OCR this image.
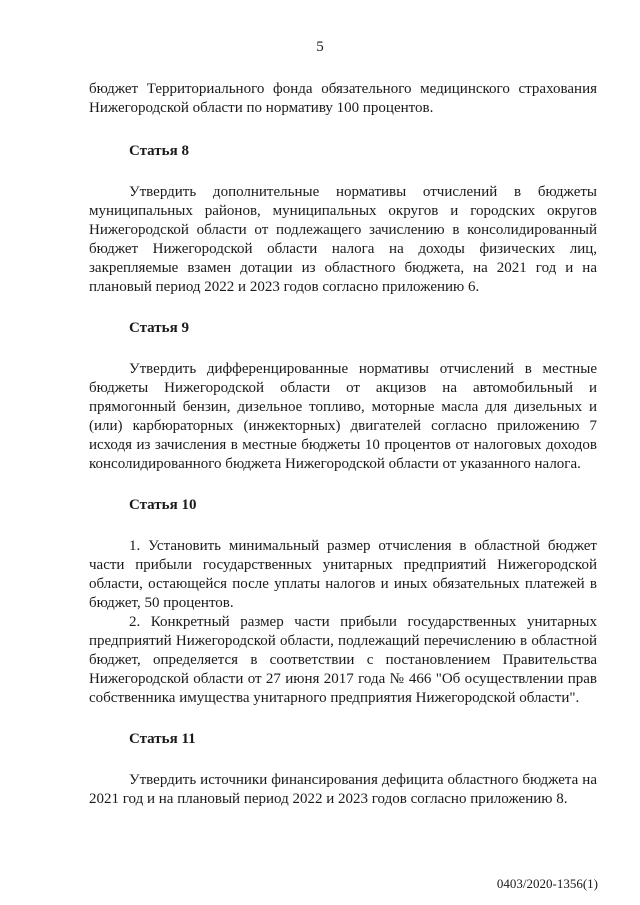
5

бюджет Территориального фонда обязательного медицинского страхования Нижегородской области по нормативу 100 процентов.

Статья 8

Утвердить дополнительные нормативы отчислений в бюджеты муниципальных районов, муниципальных округов и городских округов Нижегородской области от подлежащего зачислению в консолидированный бюджет Нижегородской области налога на доходы физических лиц, закрепляемые взамен дотации из областного бюджета, на 2021 год и на плановый период 2022 и 2023 годов согласно приложению 6.

Статья 9

Утвердить дифференцированные нормативы отчислений в местные бюджеты Нижегородской области от акцизов на автомобильный и прямогонный бензин, дизельное топливо, моторные масла для дизельных и (или) карбюраторных (инжекторных) двигателей согласно приложению 7 исходя из зачисления в местные бюджеты 10 процентов от налоговых доходов консолидированного бюджета Нижегородской области от указанного налога.

Статья 10

1. Установить минимальный размер отчисления в областной бюджет части прибыли государственных унитарных предприятий Нижегородской области, остающейся после уплаты налогов и иных обязательных платежей в бюджет, 50 процентов.

2. Конкретный размер части прибыли государственных унитарных предприятий Нижегородской области, подлежащий перечислению в областной бюджет, определяется в соответствии с постановлением Правительства Нижегородской области от 27 июня 2017 года № 466 "Об осуществлении прав собственника имущества унитарного предприятия Нижегородской области".

Статья 11

Утвердить источники финансирования дефицита областного бюджета на 2021 год и на плановый период 2022 и 2023 годов согласно приложению 8.

0403/2020-1356(1)
